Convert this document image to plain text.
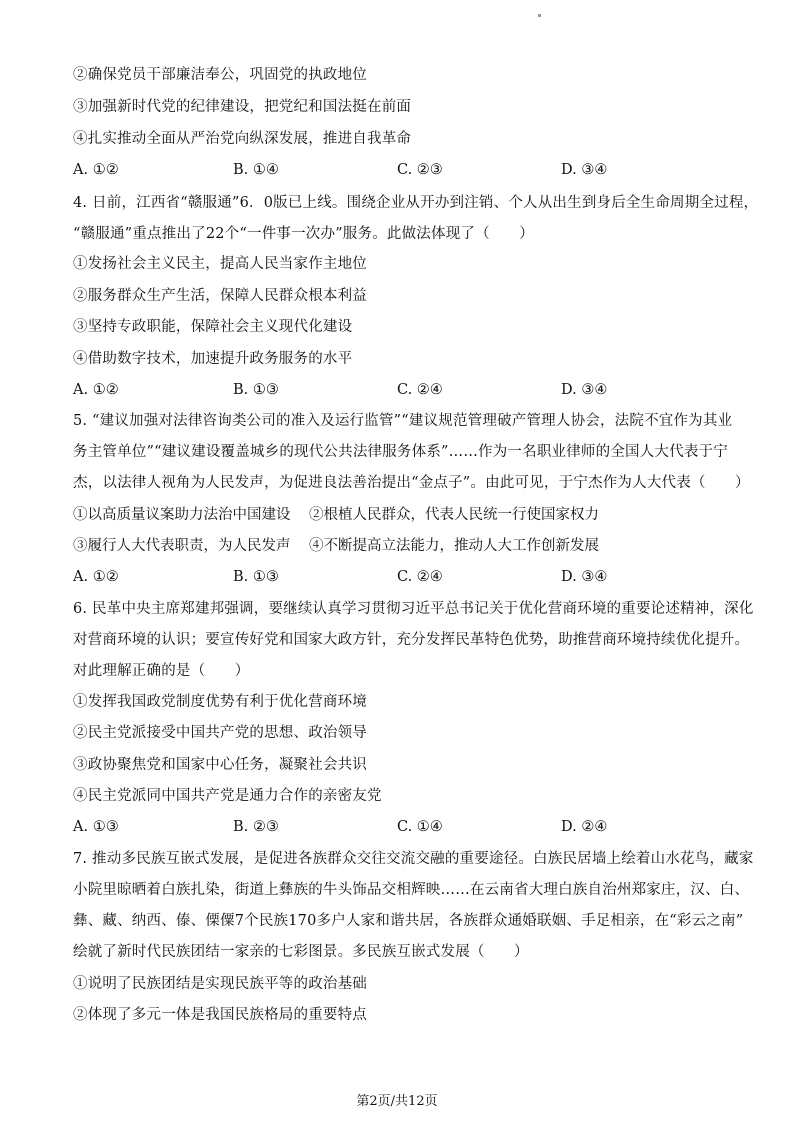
②确保党员干部廉洁奉公，巩固党的执政地位
③加强新时代党的纪律建设，把党纪和国法挺在前面
④扎实推动全面从严治党向纵深发展，推进自我革命
A. ①②	B. ①④	C. ②③	D. ③④
4. 日前，江西省“赣服通”6．0版已上线。围绕企业从开办到注销、个人从出生到身后全生命周期全过程，
“赣服通”重点推出了22个“一件事一次办”服务。此做法体现了（　　）
①发扬社会主义民主，提高人民当家作主地位
②服务群众生产生活，保障人民群众根本利益
③坚持专政职能，保障社会主义现代化建设
④借助数字技术，加速提升政务服务的水平
A. ①②	B. ①③	C. ②④	D. ③④
5. “建议加强对法律咨询类公司的准入及运行监管”“建议规范管理破产管理人协会，法院不宜作为其业
务主管单位”“建议建设覆盖城乡的现代公共法律服务体系”……作为一名职业律师的全国人大代表于宁
杰，以法律人视角为人民发声，为促进良法善治提出“金点子”。由此可见，于宁杰作为人大代表（　　）
①以高质量议案助力法治中国建设 ②根植人民群众，代表人民统一行使国家权力
③履行人大代表职责，为人民发声 ④不断提高立法能力，推动人大工作创新发展
A. ①②	B. ①③	C. ②④	D. ③④
6. 民革中央主席郑建邦强调，要继续认真学习贯彻习近平总书记关于优化营商环境的重要论述精神，深化
对营商环境的认识；要宣传好党和国家大政方针，充分发挥民革特色优势，助推营商环境持续优化提升。
对此理解正确的是（　　）
①发挥我国政党制度优势有利于优化营商环境
②民主党派接受中国共产党的思想、政治领导
③政协聚焦党和国家中心任务，凝聚社会共识
④民主党派同中国共产党是通力合作的亲密友党
A. ①③	B. ②③	C. ①④	D. ②④
7. 推动多民族互嵌式发展，是促进各族群众交往交流交融的重要途径。白族民居墙上绘着山水花鸟，藏家
小院里晾晒着白族扎染，街道上彝族的牛头饰品交相辉映……在云南省大理白族自治州郑家庄，汉、白、
彝、藏、纳西、傣、傈僳7个民族170多户人家和谐共居，各族群众通婚联姻、手足相亲，在“彩云之南”
绘就了新时代民族团结一家亲的七彩图景。多民族互嵌式发展（　　）
①说明了民族团结是实现民族平等的政治基础
②体现了多元一体是我国民族格局的重要特点
第2页/共12页
